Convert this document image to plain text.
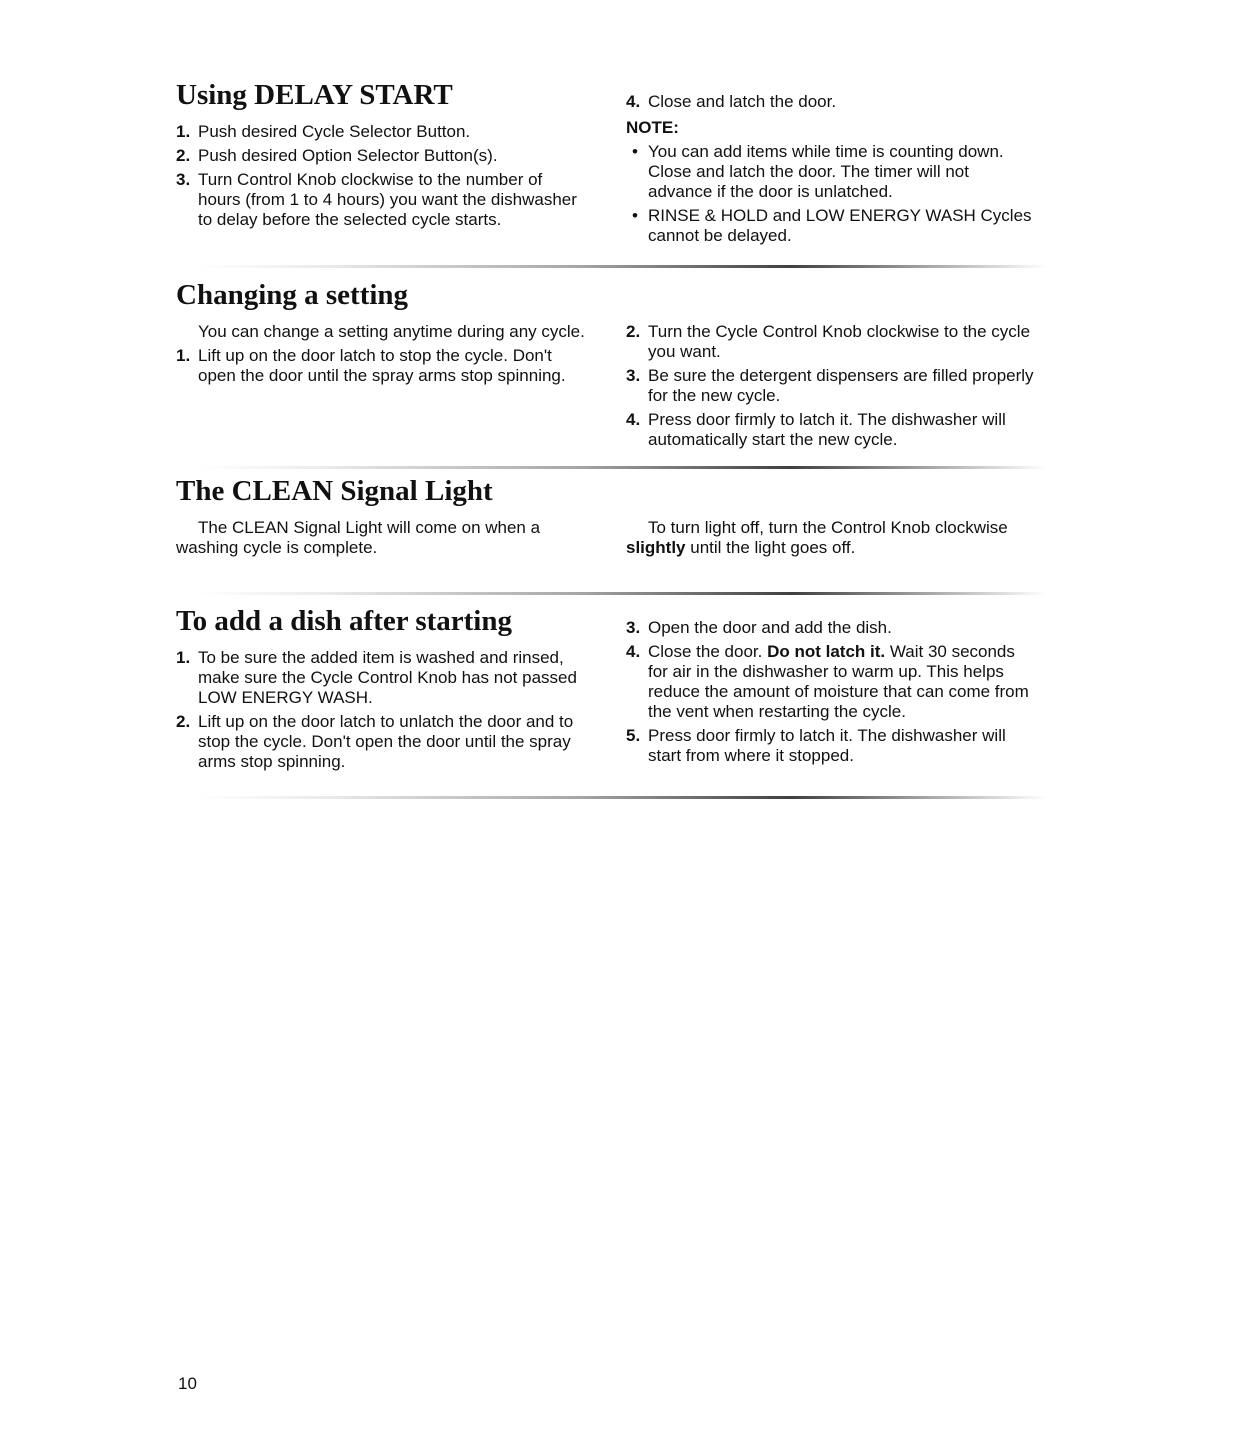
Using DELAY START
1. Push desired Cycle Selector Button.
2. Push desired Option Selector Button(s).
3. Turn Control Knob clockwise to the number of hours (from 1 to 4 hours) you want the dishwasher to delay before the selected cycle starts.
4. Close and latch the door.
NOTE:
• You can add items while time is counting down. Close and latch the door. The timer will not advance if the door is unlatched.
• RINSE & HOLD and LOW ENERGY WASH Cycles cannot be delayed.
Changing a setting

You can change a setting anytime during any cycle.

1. Lift up on the door latch to stop the cycle. Don't open the door until the spray arms stop spinning.
2. Turn the Cycle Control Knob clockwise to the cycle you want.
3. Be sure the detergent dispensers are filled properly for the new cycle.
4. Press door firmly to latch it. The dishwasher will automatically start the new cycle.
The CLEAN Signal Light

The CLEAN Signal Light will come on when a washing cycle is complete.

To turn light off, turn the Control Knob clockwise slightly until the light goes off.

To add a dish after starting
1. To be sure the added item is washed and rinsed, make sure the Cycle Control Knob has not passed LOW ENERGY WASH.
2. Lift up on the door latch to unlatch the door and to stop the cycle. Don't open the door until the spray arms stop spinning.
3. Open the door and add the dish.
4. Close the door. Do not latch it. Wait 30 seconds for air in the dishwasher to warm up. This helps reduce the amount of moisture that can come from the vent when restarting the cycle.
5. Press door firmly to latch it. The dishwasher will start from where it stopped.
10
